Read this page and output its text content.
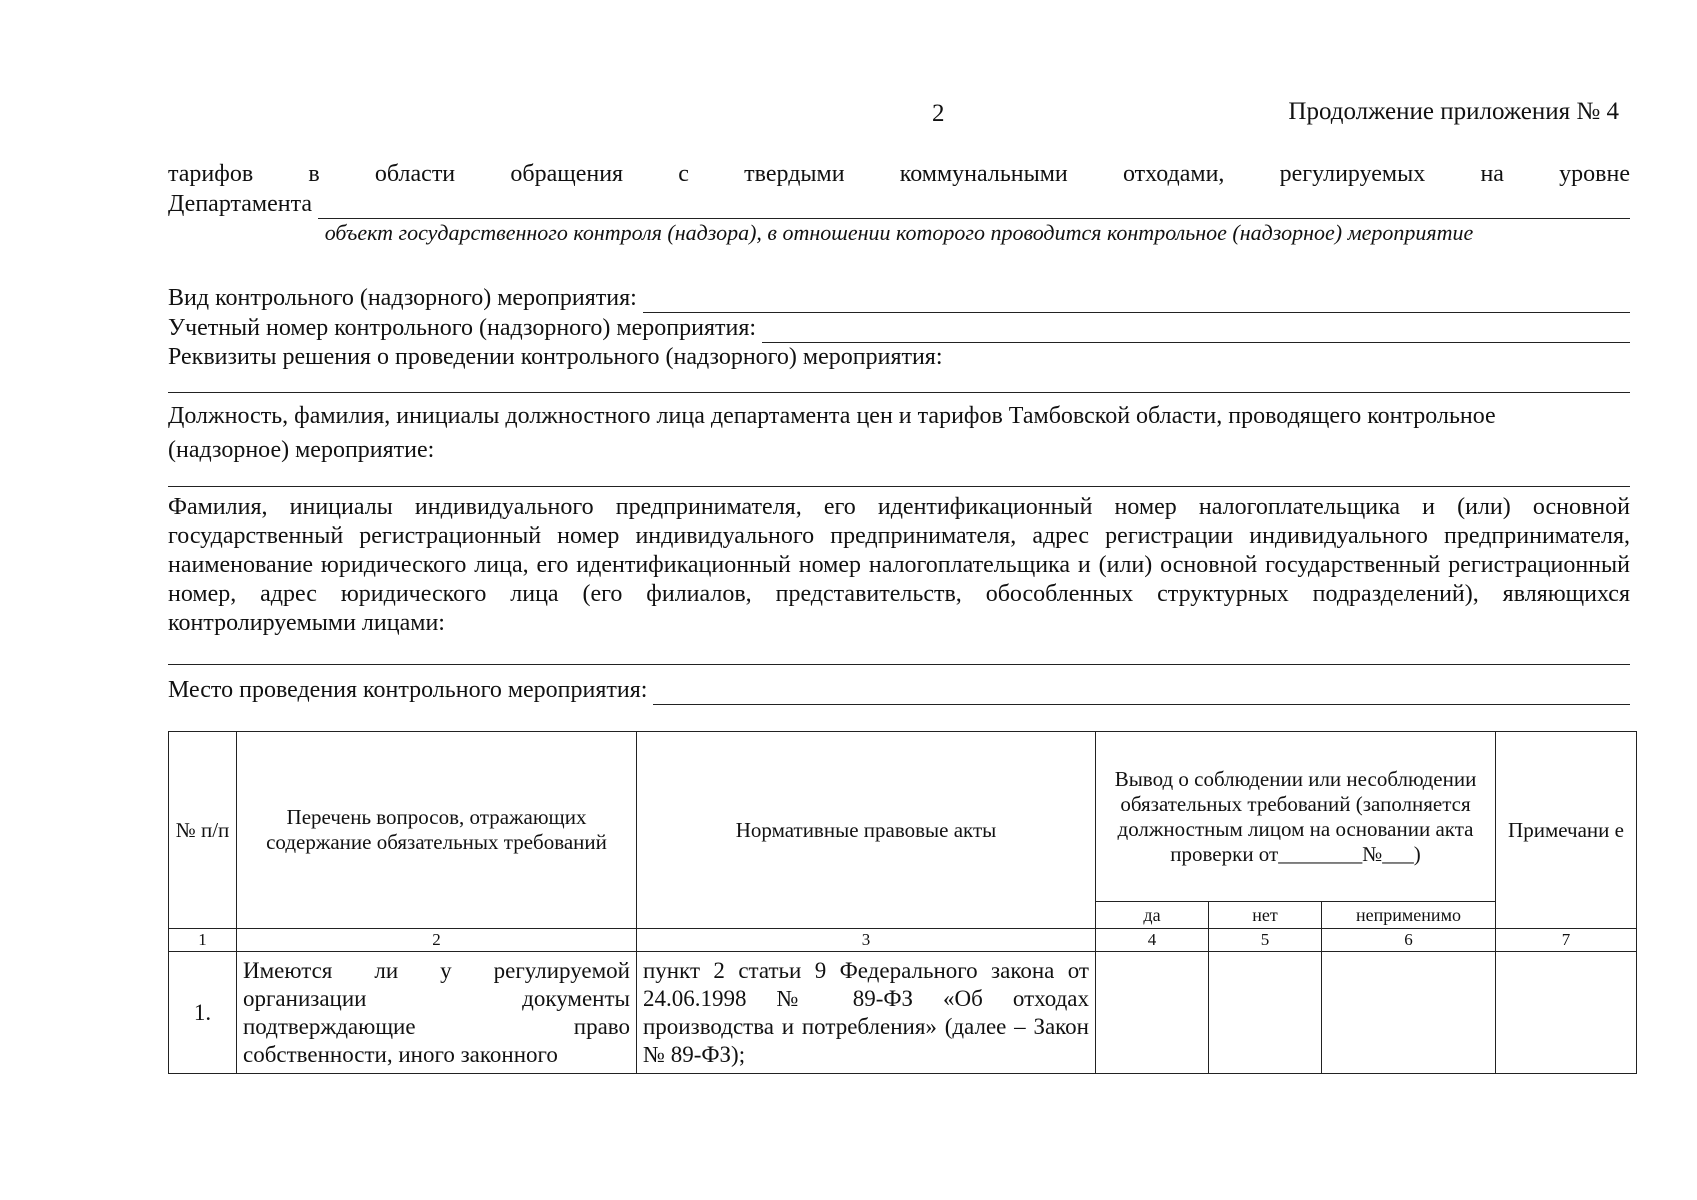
2	Продолжение приложения № 4
тарифов в области обращения с твердыми коммунальными отходами, регулируемых на уровне
Департамента
объект государственного контроля (надзора), в отношении которого проводится контрольное (надзорное) мероприятие
Вид контрольного (надзорного) мероприятия:
Учетный номер контрольного (надзорного) мероприятия:
Реквизиты решения о проведении контрольного (надзорного) мероприятия:
Должность, фамилия, инициалы должностного лица департамента цен и тарифов Тамбовской области, проводящего контрольное
(надзорное) мероприятие:
Фамилия, инициалы индивидуального предпринимателя, его идентификационный номер налогоплательщика и (или) основной государственный регистрационный номер индивидуального предпринимателя, адрес регистрации индивидуального предпринимателя, наименование юридического лица, его идентификационный номер налогоплательщика и (или) основной государственный регистрационный номер, адрес юридического лица (его филиалов, представительств, обособленных структурных подразделений), являющихся контролируемыми лицами:
Место проведения контрольного мероприятия:
№ п/п	Перечень вопросов, отражающих содержание обязательных требований	Нормативные правовые акты	Вывод о соблюдении или несоблюдении обязательных требований (заполняется должностным лицом на основании акта проверки от________№___)			Примечани е
			да	нет	неприменимо	
1	2	3	4	5	6	7
1.	Имеются ли у регулируемой организации документы подтверждающие право собственности, иного законного	пункт 2 статьи 9 Федерального закона от 24.06.1998 № 89-ФЗ «Об отходах производства и потребления» (далее – Закон № 89-ФЗ);				
